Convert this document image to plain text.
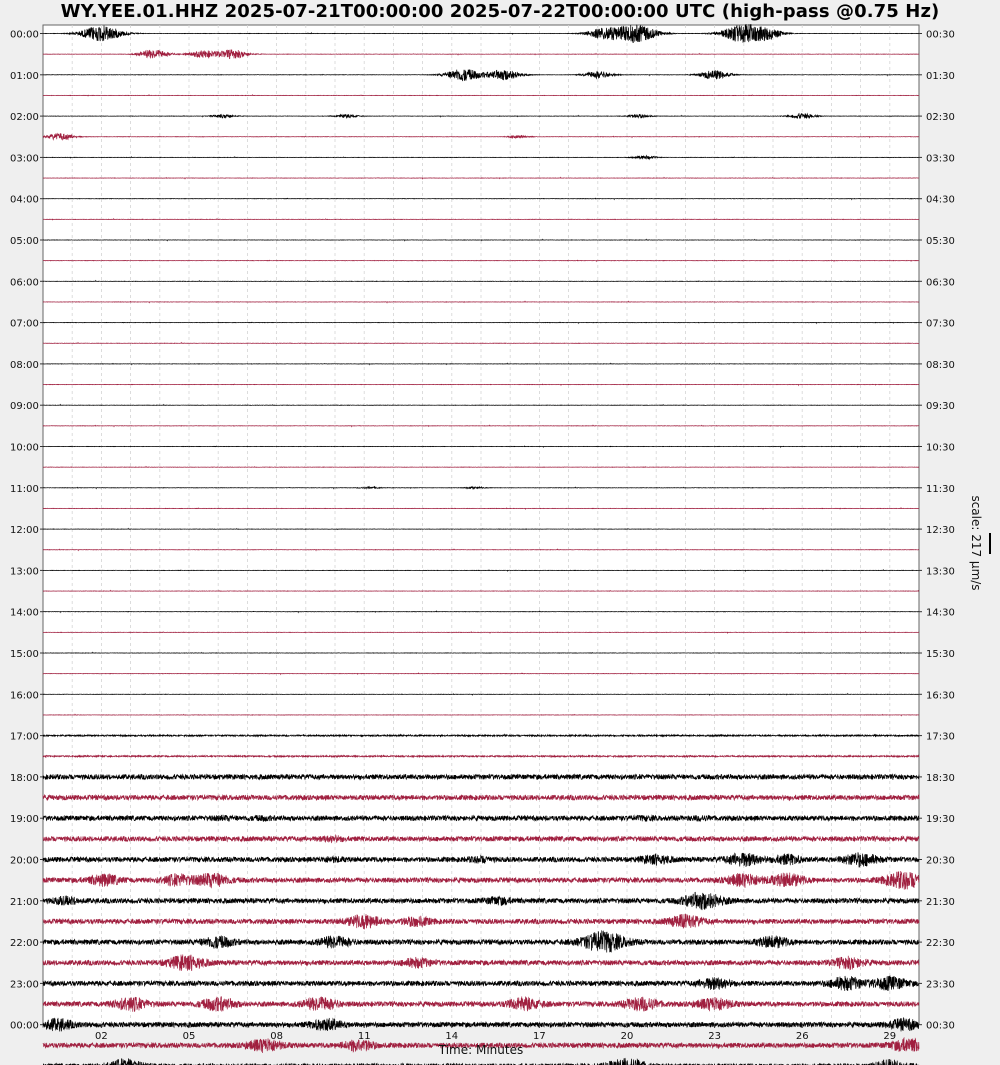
WY.YEE.01.HHZ 2025-07-21T00:00:00 2025-07-22T00:00:00 UTC (high-pass @0.75 Hz)
00:00
01:00
02:00
03:00
04:00
05:00
06:00
07:00
08:00
09:00
10:00
11:00
12:00
13:00
14:00
15:00
16:00
17:00
18:00
19:00
20:00
21:00
22:00
23:00
00:00
00:30
01:30
02:30
03:30
04:30
05:30
06:30
07:30
08:30
09:30
10:30
11:30
12:30
13:30
14:30
15:30
16:30
17:30
18:30
19:30
20:30
21:30
22:30
23:30
00:30
02	05	08	11	14	17	20	23	26	29
Time: Minutes
scale: 217 μm/s
